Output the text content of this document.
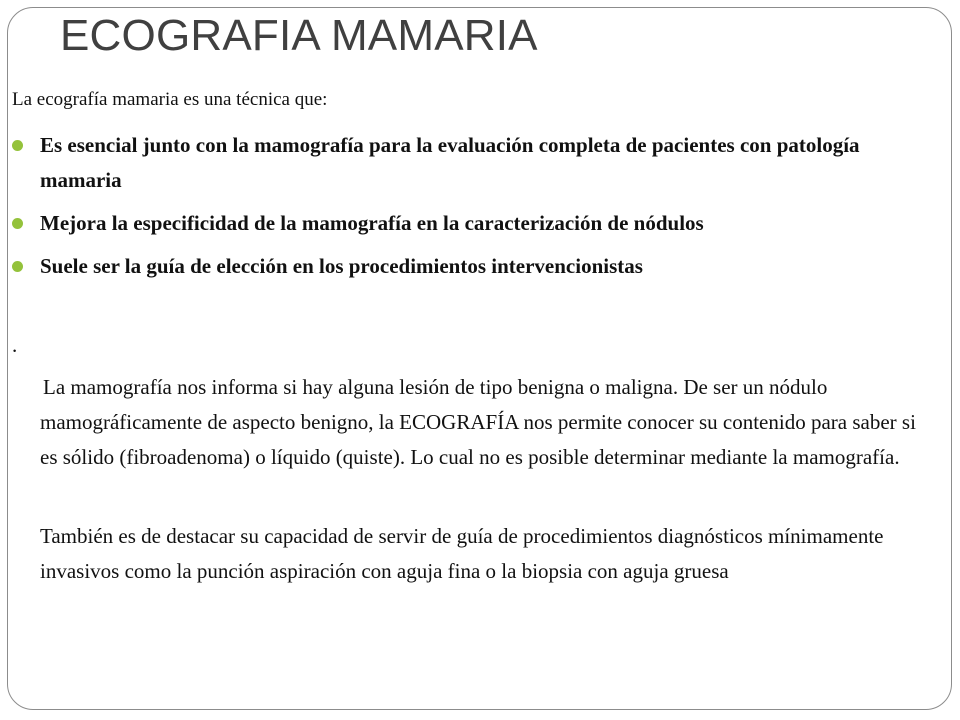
ECOGRAFIA MAMARIA

La ecografía mamaria es una técnica que:

Es esencial junto con la mamografía para la evaluación completa de pacientes con patología mamaria
Mejora la especificidad de la mamografía en la caracterización de nódulos
Suele ser la guía de elección en los procedimientos intervencionistas

.

La mamografía nos informa si hay alguna lesión de tipo benigna o maligna. De ser un nódulo mamográficamente de aspecto benigno, la ECOGRAFÍA nos permite conocer su contenido para saber si es sólido (fibroadenoma) o líquido (quiste). Lo cual no es posible determinar mediante la mamografía.

También es de destacar su capacidad de servir de guía de procedimientos diagnósticos mínimamente invasivos como la punción aspiración con aguja fina o la biopsia con aguja gruesa
